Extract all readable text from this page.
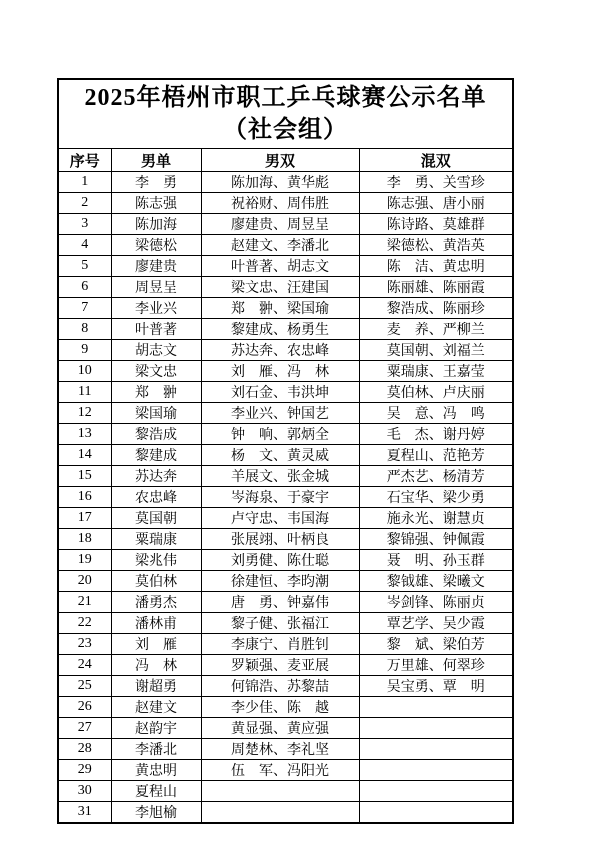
2025年梧州市职工乒乓球赛公示名单
（社会组）			

序号	男单	男双	混双
1	李　勇	陈加海、黄华彪	李　勇、关雪珍
2	陈志强	祝裕财、周伟胜	陈志强、唐小丽
3	陈加海	廖建贵、周昱呈	陈诗路、莫雄群
4	梁德松	赵建文、李潘北	梁德松、黄浩英
5	廖建贵	叶普著、胡志文	陈　洁、黄忠明
6	周昱呈	梁文忠、汪建国	陈丽雄、陈丽霞
7	李业兴	郑　翀、梁国瑜	黎浩成、陈丽珍
8	叶普著	黎建成、杨勇生	麦　养、严柳兰
9	胡志文	苏达奔、农忠峰	莫国朝、刘福兰
10	梁文忠	刘　雁、冯　林	粟瑞康、王嘉莹
11	郑　翀	刘石金、韦洪坤	莫伯林、卢庆丽
12	梁国瑜	李业兴、钟国艺	吴　意、冯　鸣
13	黎浩成	钟　响、郭炳全	毛　杰、谢丹婷
14	黎建成	杨　文、黄灵威	夏程山、范艳芳
15	苏达奔	羊展文、张金城	严杰艺、杨清芳
16	农忠峰	岑海泉、于豪宇	石宝华、梁少勇
17	莫国朝	卢守忠、韦国海	施永光、谢慧贞
18	粟瑞康	张展翊、叶柄良	黎锦强、钟佩霞
19	梁兆伟	刘勇健、陈仕聪	聂　明、孙玉群
20	莫伯林	徐建恒、李昀潮	黎钺雄、梁曦文
21	潘勇杰	唐　勇、钟嘉伟	岑剑锋、陈丽贞
22	潘林甫	黎子健、张福江	覃艺学、吴少霞
23	刘　雁	李康宁、肖胜钊	黎　斌、梁伯芳
24	冯　林	罗颖强、麦亚展	万里雄、何翠珍
25	谢超勇	何锦浩、苏黎喆	吴宝勇、覃　明
26	赵建文	李少佳、陈　越	
27	赵韵宇	黄显强、黄应强	
28	李潘北	周楚林、李礼坚	
29	黄忠明	伍　军、冯阳光	
30	夏程山		
31	李旭榆		
